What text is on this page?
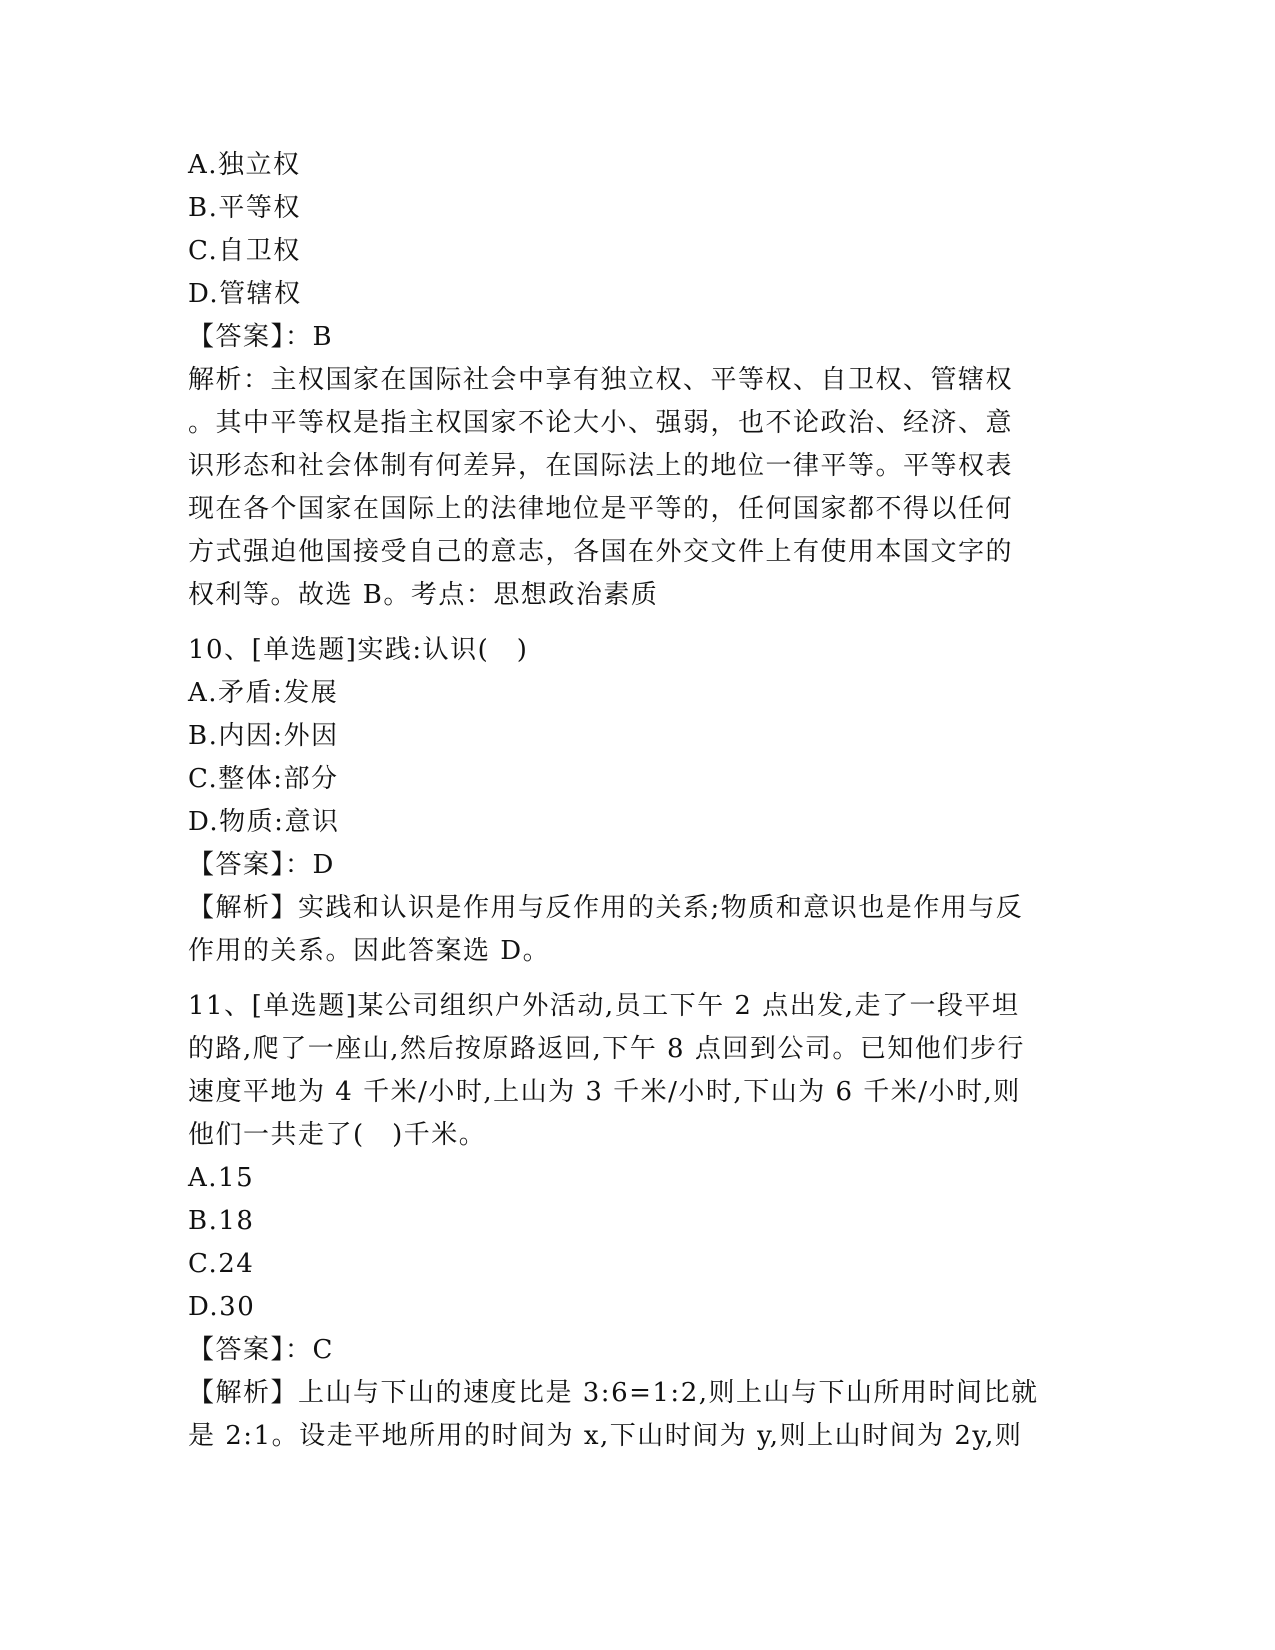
A.独立权
B.平等权
C.自卫权
D.管辖权
【答案】：B
解析：主权国家在国际社会中享有独立权、平等权、自卫权、管辖权
。其中平等权是指主权国家不论大小、强弱，也不论政治、经济、意
识形态和社会体制有何差异，在国际法上的地位一律平等。平等权表
现在各个国家在国际上的法律地位是平等的，任何国家都不得以任何
方式强迫他国接受自己的意志，各国在外交文件上有使用本国文字的
权利等。故选 B。考点：思想政治素质
10、[单选题]实践:认识(　)
A.矛盾:发展
B.内因:外因
C.整体:部分
D.物质:意识
【答案】：D
【解析】实践和认识是作用与反作用的关系;物质和意识也是作用与反
作用的关系。因此答案选 D。
11、[单选题]某公司组织户外活动,员工下午 2 点出发,走了一段平坦
的路,爬了一座山,然后按原路返回,下午 8 点回到公司。已知他们步行
速度平地为 4 千米/小时,上山为 3 千米/小时,下山为 6 千米/小时,则
他们一共走了(　)千米。
A.15
B.18
C.24
D.30
【答案】：C
【解析】上山与下山的速度比是 3:6=1:2,则上山与下山所用时间比就
是 2:1。设走平地所用的时间为 x,下山时间为 y,则上山时间为 2y,则
